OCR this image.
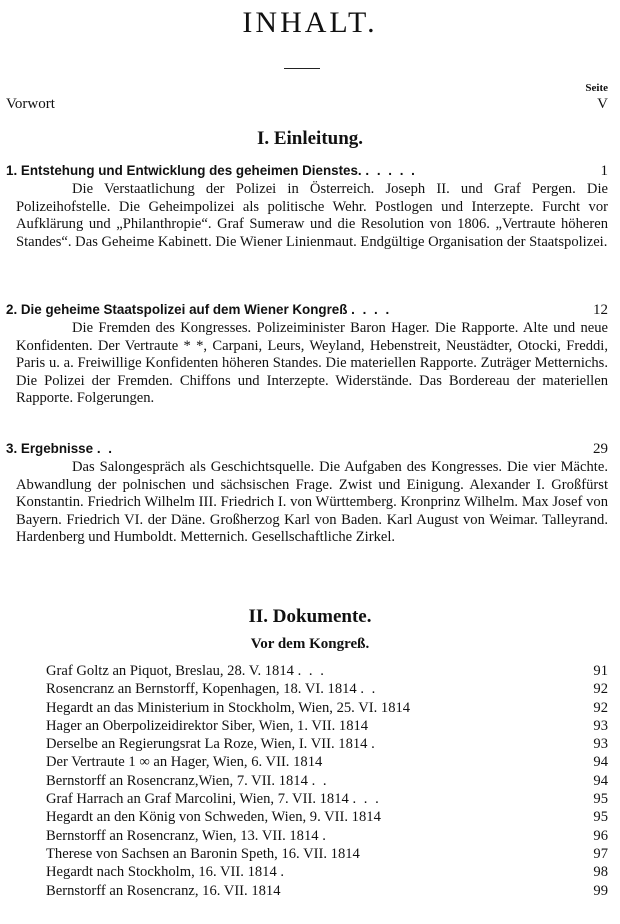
INHALT.
Seite
Vorwort	V
I. Einleitung.
1. Entstehung und Entwicklung des geheimen Dienstes. . . . . .	1
Die Verstaatlichung der Polizei in Österreich. Joseph II. und Graf Pergen. Die Polizeihofstelle. Die Geheimpolizei als politische Wehr. Postlogen und Interzepte. Furcht vor Aufklärung und „Philanthropie“. Graf Sumeraw und die Resolution von 1806. „Vertraute höheren Standes“. Das Geheime Kabinett. Die Wiener Linienmaut. Endgültige Organisation der Staatspolizei.
2. Die geheime Staatspolizei auf dem Wiener Kongreß . . . .	12
Die Fremden des Kongresses. Polizeiminister Baron Hager. Die Rapporte. Alte und neue Konfidenten. Der Vertraute * *, Carpani, Leurs, Weyland, Hebenstreit, Neustädter, Otocki, Freddi, Paris u. a. Freiwillige Konfidenten höheren Standes. Die materiellen Rapporte. Zuträger Metternichs. Die Polizei der Fremden. Chiffons und Interzepte. Widerstände. Das Bordereau der materiellen Rapporte. Folgerungen.
3. Ergebnisse . .	29
Das Salongespräch als Geschichtsquelle. Die Aufgaben des Kongresses. Die vier Mächte. Abwandlung der polnischen und sächsischen Frage. Zwist und Einigung. Alexander I. Großfürst Konstantin. Friedrich Wilhelm III. Friedrich I. von Württemberg. Kronprinz Wilhelm. Max Josef von Bayern. Friedrich VI. der Däne. Großherzog Karl von Baden. Karl August von Weimar. Talleyrand. Hardenberg und Humboldt. Metternich. Gesellschaftliche Zirkel.
II. Dokumente.
Vor dem Kongreß.
Graf Goltz an Piquot, Breslau, 28. V. 1814 . . .	91
Rosencranz an Bernstorff, Kopenhagen, 18. VI. 1814 . .	92
Hegardt an das Ministerium in Stockholm, Wien, 25. VI. 1814	92
Hager an Oberpolizeidirektor Siber, Wien, 1. VII. 1814	93
Derselbe an Regierungsrat La Roze, Wien, I. VII. 1814 .	93
Der Vertraute 1 ∞ an Hager, Wien, 6. VII. 1814	94
Bernstorff an Rosencranz,Wien, 7. VII. 1814 . .	94
Graf Harrach an Graf Marcolini, Wien, 7. VII. 1814 . . .	95
Hegardt an den König von Schweden, Wien, 9. VII. 1814	95
Bernstorff an Rosencranz, Wien, 13. VII. 1814 .	96
Therese von Sachsen an Baronin Speth, 16. VII. 1814	97
Hegardt nach Stockholm, 16. VII. 1814 .	98
Bernstorff an Rosencranz, 16. VII. 1814	99
